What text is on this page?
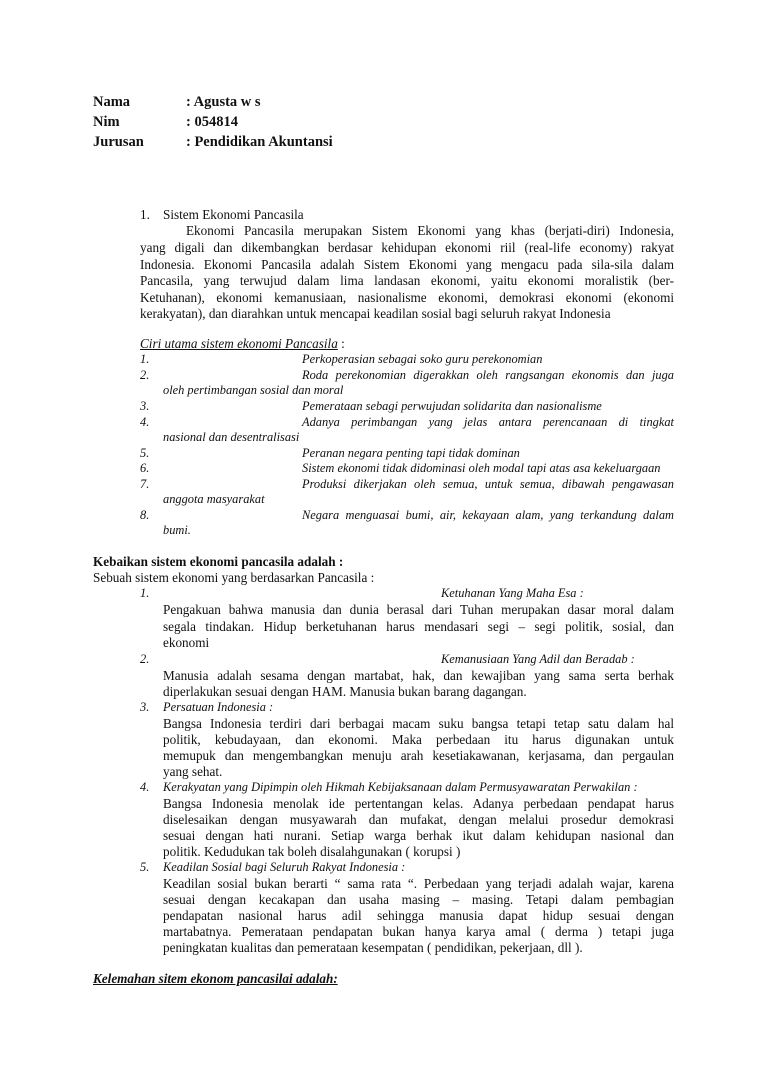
Nama	: Agusta w s
Nim	: 054814
Jurusan	: Pendidikan Akuntansi
1. Sistem Ekonomi Pancasila
Ekonomi Pancasila merupakan Sistem Ekonomi yang khas (berjati-diri) Indonesia,
yang digali dan dikembangkan berdasar kehidupan ekonomi riil (real-life economy) rakyat
Indonesia. Ekonomi Pancasila adalah Sistem Ekonomi yang mengacu pada sila-sila dalam
Pancasila, yang terwujud dalam lima landasan ekonomi, yaitu ekonomi moralistik (ber-
Ketuhanan), ekonomi kemanusiaan, nasionalisme ekonomi, demokrasi ekonomi (ekonomi
kerakyatan), dan diarahkan untuk mencapai keadilan sosial bagi seluruh rakyat Indonesia
Ciri utama sistem ekonomi Pancasila :
1.	Perkoperasian sebagai soko guru perekonomian
2.	Roda perekonomian digerakkan oleh rangsangan ekonomis dan juga
oleh pertimbangan sosial dan moral
3.	Pemerataan sebagi perwujudan solidarita dan nasionalisme
4.	Adanya perimbangan yang jelas antara perencanaan di tingkat
nasional dan desentralisasi
5.	Peranan negara penting tapi tidak dominan
6.	Sistem ekonomi tidak didominasi oleh modal tapi atas asa kekeluargaan
7.	Produksi dikerjakan oleh semua, untuk semua, dibawah pengawasan
anggota masyarakat
8.	Negara menguasai bumi, air, kekayaan alam, yang terkandung dalam
bumi.
Kebaikan sistem ekonomi pancasila adalah :
Sebuah sistem ekonomi yang berdasarkan Pancasila :
1.	Ketuhanan Yang Maha Esa :
Pengakuan bahwa manusia dan dunia berasal dari Tuhan merupakan dasar moral dalam
segala tindakan. Hidup berketuhanan harus mendasari segi – segi politik, sosial, dan
ekonomi
2.	Kemanusiaan Yang Adil dan Beradab :
Manusia adalah sesama dengan martabat, hak, dan kewajiban yang sama serta berhak
diperlakukan sesuai dengan HAM. Manusia bukan barang dagangan.
3. Persatuan Indonesia :
Bangsa Indonesia terdiri dari berbagai macam suku bangsa tetapi tetap satu dalam hal
politik, kebudayaan, dan ekonomi. Maka perbedaan itu harus digunakan untuk
memupuk dan mengembangkan menuju arah kesetiakawanan, kerjasama, dan pergaulan
yang sehat.
4. Kerakyatan yang Dipimpin oleh Hikmah Kebijaksanaan dalam Permusyawaratan Perwakilan :
Bangsa Indonesia menolak ide pertentangan kelas. Adanya perbedaan pendapat harus
diselesaikan dengan musyawarah dan mufakat, dengan melalui prosedur demokrasi
sesuai dengan hati nurani. Setiap warga berhak ikut dalam kehidupan nasional dan
politik. Kedudukan tak boleh disalahgunakan ( korupsi )
5. Keadilan Sosial bagi Seluruh Rakyat Indonesia :
Keadilan sosial bukan berarti “ sama rata “. Perbedaan yang terjadi adalah wajar, karena
sesuai dengan kecakapan dan usaha masing – masing. Tetapi dalam pembagian
pendapatan nasional harus adil sehingga manusia dapat hidup sesuai dengan
martabatnya. Pemerataan pendapatan bukan hanya karya amal ( derma ) tetapi juga
peningkatan kualitas dan pemerataan kesempatan ( pendidikan, pekerjaan, dll ).
Kelemahan sitem ekonom pancasilai adalah:
